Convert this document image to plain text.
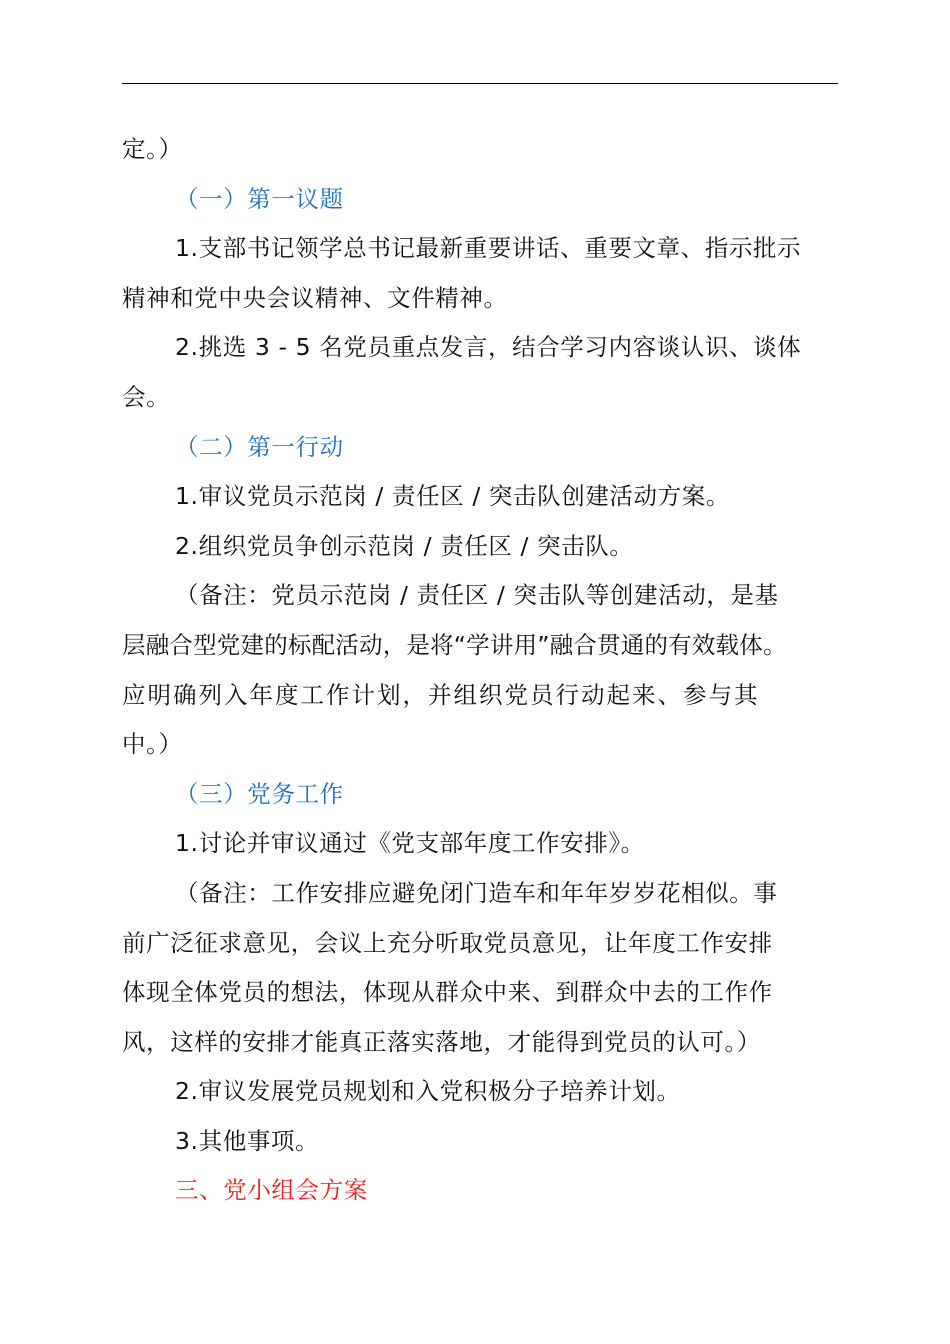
定。）
（一）第一议题
1.支部书记领学总书记最新重要讲话、重要文章、指示批示
精神和党中央会议精神、文件精神。
2.挑选 3 - 5 名党员重点发言，结合学习内容谈认识、谈体
会。
（二）第一行动
1.审议党员示范岗 / 责任区 / 突击队创建活动方案。
2.组织党员争创示范岗 / 责任区 / 突击队。
（备注：党员示范岗 / 责任区 / 突击队等创建活动，是基
层融合型党建的标配活动，是将“学讲用”融合贯通的有效载体。
应明确列入年度工作计划，并组织党员行动起来、参与其
中。）
（三）党务工作
1.讨论并审议通过《党支部年度工作安排》。
（备注：工作安排应避免闭门造车和年年岁岁花相似。事
前广泛征求意见，会议上充分听取党员意见，让年度工作安排
体现全体党员的想法，体现从群众中来、到群众中去的工作作
风，这样的安排才能真正落实落地，才能得到党员的认可。）
2.审议发展党员规划和入党积极分子培养计划。
3.其他事项。
三、党小组会方案
